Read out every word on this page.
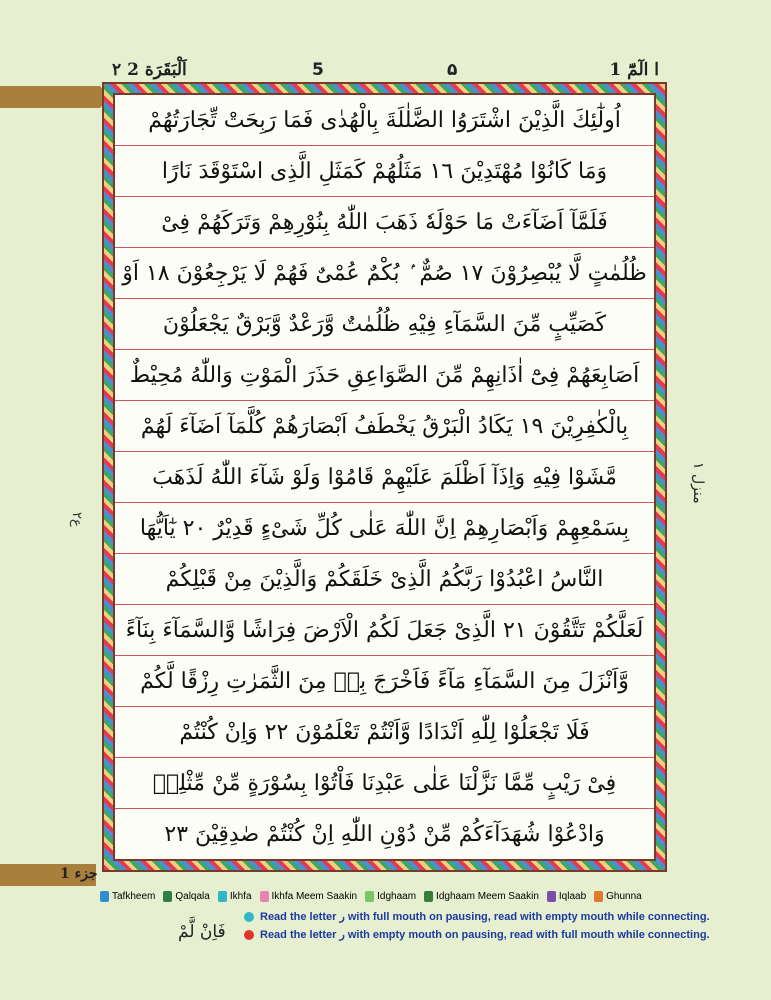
۲ اَلْبَقَرَة 2	5	۵	ا الٓمّٓ 1
اُولٰٓئِكَ الَّذِيْنَ اشْتَرَوُا الضَّلٰلَةَ بِالْهُدٰى فَمَا رَبِحَتْ تِّجَارَتُهُمْ
وَمَا كَانُوْا مُهْتَدِيْنَ ١٦ مَثَلُهُمْ كَمَثَلِ الَّذِى اسْتَوْقَدَ نَارًا
فَلَمَّآ اَضَآءَتْ مَا حَوْلَهٗ ذَهَبَ اللّٰهُ بِنُوْرِهِمْ وَتَرَكَهُمْ فِىْ
ظُلُمٰتٍ لَّا يُبْصِرُوْنَ ١٧ صُمٌّ ۢ بُكْمٌ عُمْىٌ فَهُمْ لَا يَرْجِعُوْنَ ١٨ اَوْ
كَصَيِّبٍ مِّنَ السَّمَآءِ فِيْهِ ظُلُمٰتٌ وَّرَعْدٌ وَّبَرْقٌ يَجْعَلُوْنَ
اَصَابِعَهُمْ فِىْٓ اٰذَانِهِمْ مِّنَ الصَّوَاعِقِ حَذَرَ الْمَوْتِ وَاللّٰهُ مُحِيْطٌ
بِالْكٰفِرِيْنَ ١٩ يَكَادُ الْبَرْقُ يَخْطَفُ اَبْصَارَهُمْ كُلَّمَآ اَضَآءَ لَهُمْ
مَّشَوْا فِيْهِ وَاِذَآ اَظْلَمَ عَلَيْهِمْ قَامُوْا وَلَوْ شَآءَ اللّٰهُ لَذَهَبَ
بِسَمْعِهِمْ وَاَبْصَارِهِمْ اِنَّ اللّٰهَ عَلٰى كُلِّ شَىْءٍ قَدِيْرٌ ٢٠ يٰٓاَيُّهَا
النَّاسُ اعْبُدُوْا رَبَّكُمُ الَّذِىْ خَلَقَكُمْ وَالَّذِيْنَ مِنْ قَبْلِكُمْ
لَعَلَّكُمْ تَتَّقُوْنَ ٢١ الَّذِىْ جَعَلَ لَكُمُ الْاَرْضَ فِرَاشًا وَّالسَّمَآءَ بِنَآءً
وَّاَنْزَلَ مِنَ السَّمَآءِ مَآءً فَاَخْرَجَ بِهٖ مِنَ الثَّمَرٰتِ رِزْقًا لَّكُمْ
فَلَا تَجْعَلُوْا لِلّٰهِ اَنْدَادًا وَّاَنْتُمْ تَعْلَمُوْنَ ٢٢ وَاِنْ كُنْتُمْ
فِىْ رَيْبٍ مِّمَّا نَزَّلْنَا عَلٰى عَبْدِنَا فَاْتُوْا بِسُوْرَةٍ مِّنْ مِّثْلِهٖ
وَادْعُوْا شُهَدَآءَكُمْ مِّنْ دُوْنِ اللّٰهِ اِنْ كُنْتُمْ صٰدِقِيْنَ ٢٣
ع۲
منزل ۱
جزء 1
Tafkheem Qalqala Ikhfa Ikhfa Meem Saakin Idghaam Idghaam Meem Saakin Iqlaab Ghunna
Read the letter ر with full mouth on pausing, read with empty mouth while connecting.
Read the letter ر with empty mouth on pausing, read with full mouth while connecting.
فَاِنْ لَّمْ
